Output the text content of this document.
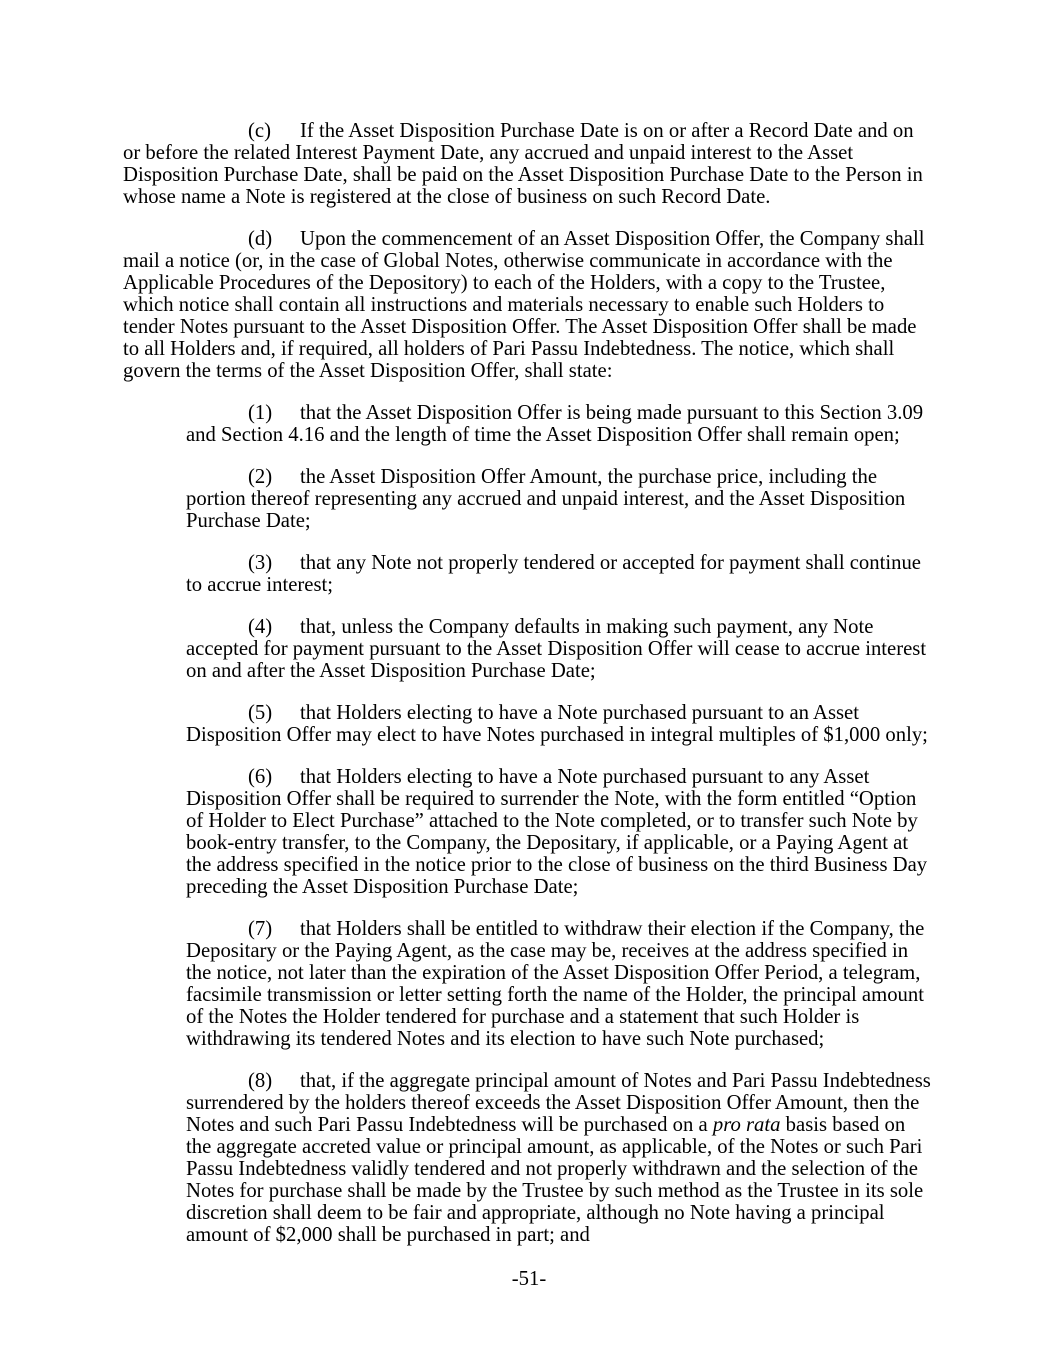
(c) If the Asset Disposition Purchase Date is on or after a Record Date and on or before the related Interest Payment Date, any accrued and unpaid interest to the Asset Disposition Purchase Date, shall be paid on the Asset Disposition Purchase Date to the Person in whose name a Note is registered at the close of business on such Record Date.

(d) Upon the commencement of an Asset Disposition Offer, the Company shall mail a notice (or, in the case of Global Notes, otherwise communicate in accordance with the Applicable Procedures of the Depository) to each of the Holders, with a copy to the Trustee, which notice shall contain all instructions and materials necessary to enable such Holders to tender Notes pursuant to the Asset Disposition Offer. The Asset Disposition Offer shall be made to all Holders and, if required, all holders of Pari Passu Indebtedness. The notice, which shall govern the terms of the Asset Disposition Offer, shall state:

(1) that the Asset Disposition Offer is being made pursuant to this Section 3.09 and Section 4.16 and the length of time the Asset Disposition Offer shall remain open;

(2) the Asset Disposition Offer Amount, the purchase price, including the portion thereof representing any accrued and unpaid interest, and the Asset Disposition Purchase Date;

(3) that any Note not properly tendered or accepted for payment shall continue to accrue interest;

(4) that, unless the Company defaults in making such payment, any Note accepted for payment pursuant to the Asset Disposition Offer will cease to accrue interest on and after the Asset Disposition Purchase Date;

(5) that Holders electing to have a Note purchased pursuant to an Asset Disposition Offer may elect to have Notes purchased in integral multiples of $1,000 only;

(6) that Holders electing to have a Note purchased pursuant to any Asset Disposition Offer shall be required to surrender the Note, with the form entitled “Option of Holder to Elect Purchase” attached to the Note completed, or to transfer such Note by book-entry transfer, to the Company, the Depositary, if applicable, or a Paying Agent at the address specified in the notice prior to the close of business on the third Business Day preceding the Asset Disposition Purchase Date;

(7) that Holders shall be entitled to withdraw their election if the Company, the Depositary or the Paying Agent, as the case may be, receives at the address specified in the notice, not later than the expiration of the Asset Disposition Offer Period, a telegram, facsimile transmission or letter setting forth the name of the Holder, the principal amount of the Notes the Holder tendered for purchase and a statement that such Holder is withdrawing its tendered Notes and its election to have such Note purchased;

(8) that, if the aggregate principal amount of Notes and Pari Passu Indebtedness surrendered by the holders thereof exceeds the Asset Disposition Offer Amount, then the Notes and such Pari Passu Indebtedness will be purchased on a pro rata basis based on the aggregate accreted value or principal amount, as applicable, of the Notes or such Pari Passu Indebtedness validly tendered and not properly withdrawn and the selection of the Notes for purchase shall be made by the Trustee by such method as the Trustee in its sole discretion shall deem to be fair and appropriate, although no Note having a principal amount of $2,000 shall be purchased in part; and

-51-
